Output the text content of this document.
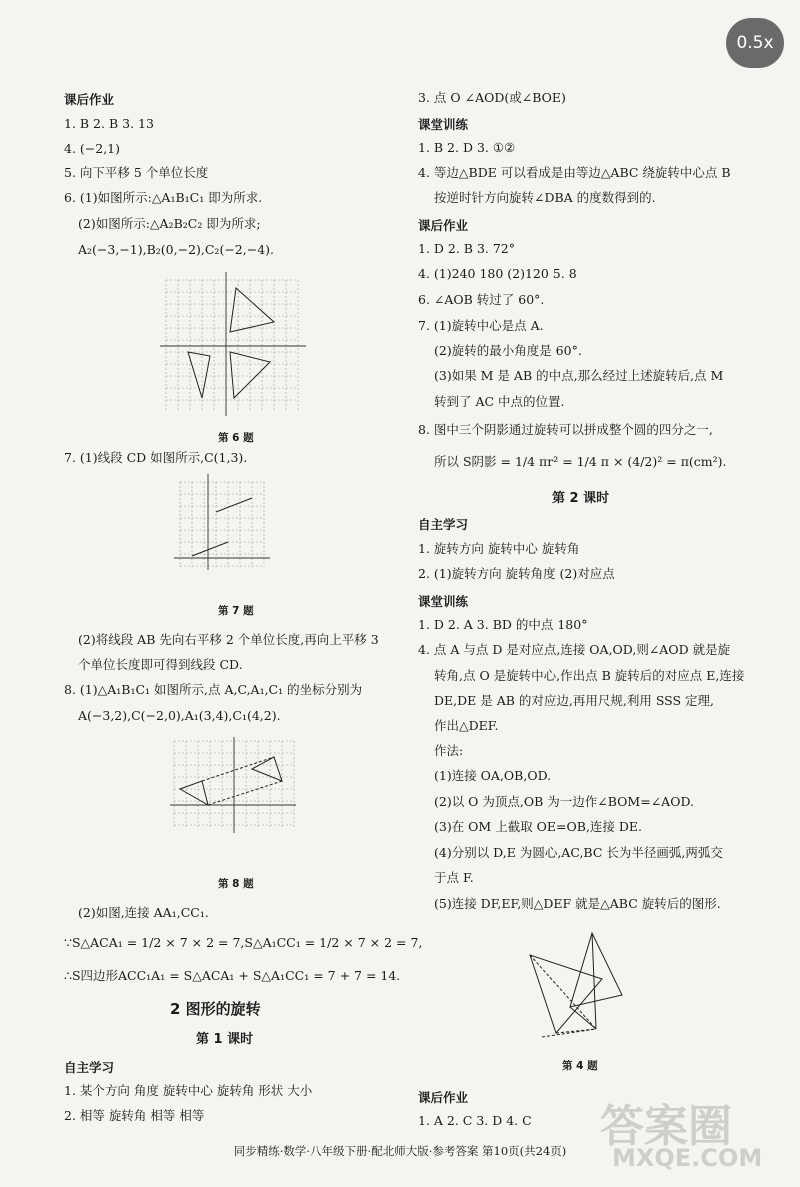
0.5x
课后作业
1. B 2. B 3. 13
4. (−2,1)
5. 向下平移 5 个单位长度
6. (1)如图所示:△A₁B₁C₁ 即为所求.
(2)如图所示:△A₂B₂C₂ 即为所求;
A₂(−3,−1),B₂(0,−2),C₂(−2,−4).
第 6 题
7. (1)线段 CD 如图所示,C(1,3).
第 7 题
(2)将线段 AB 先向右平移 2 个单位长度,再向上平移 3
个单位长度即可得到线段 CD.
8. (1)△A₁B₁C₁ 如图所示,点 A,C,A₁,C₁ 的坐标分别为
A(−3,2),C(−2,0),A₁(3,4),C₁(4,2).
第 8 题
(2)如图,连接 AA₁,CC₁.
∵S△ACA₁ = 1/2 × 7 × 2 = 7,S△A₁CC₁ = 1/2 × 7 × 2 = 7,
∴S四边形ACC₁A₁ = S△ACA₁ + S△A₁CC₁ = 7 + 7 = 14.
2 图形的旋转
第 1 课时
自主学习
1. 某个方向 角度 旋转中心 旋转角 形状 大小
2. 相等 旋转角 相等 相等
3. 点 O ∠AOD(或∠BOE)
课堂训练
1. B 2. D 3. ①②
4. 等边△BDE 可以看成是由等边△ABC 绕旋转中心点 B
按逆时针方向旋转∠DBA 的度数得到的.
课后作业
1. D 2. B 3. 72°
4. (1)240 180 (2)120 5. 8
6. ∠AOB 转过了 60°.
7. (1)旋转中心是点 A.
(2)旋转的最小角度是 60°.
(3)如果 M 是 AB 的中点,那么经过上述旋转后,点 M
转到了 AC 中点的位置.
8. 图中三个阴影通过旋转可以拼成整个圆的四分之一,
所以 S阴影 = 1/4 πr² = 1/4 π × (4/2)² = π(cm²).
第 2 课时
自主学习
1. 旋转方向 旋转中心 旋转角
2. (1)旋转方向 旋转角度 (2)对应点
课堂训练
1. D 2. A 3. BD 的中点 180°
4. 点 A 与点 D 是对应点,连接 OA,OD,则∠AOD 就是旋
转角,点 O 是旋转中心,作出点 B 旋转后的对应点 E,连接
DE,DE 是 AB 的对应边,再用尺规,利用 SSS 定理,
作出△DEF.
作法:
(1)连接 OA,OB,OD.
(2)以 O 为顶点,OB 为一边作∠BOM=∠AOD.
(3)在 OM 上截取 OE=OB,连接 DE.
(4)分别以 D,E 为圆心,AC,BC 长为半径画弧,两弧交
于点 F.
(5)连接 DF,EF,则△DEF 就是△ABC 旋转后的图形.
第 4 题
课后作业
1. A 2. C 3. D 4. C
同步精练·数学·八年级下册·配北师大版·参考答案 第10页(共24页) 答案圈
MXQE.COM
